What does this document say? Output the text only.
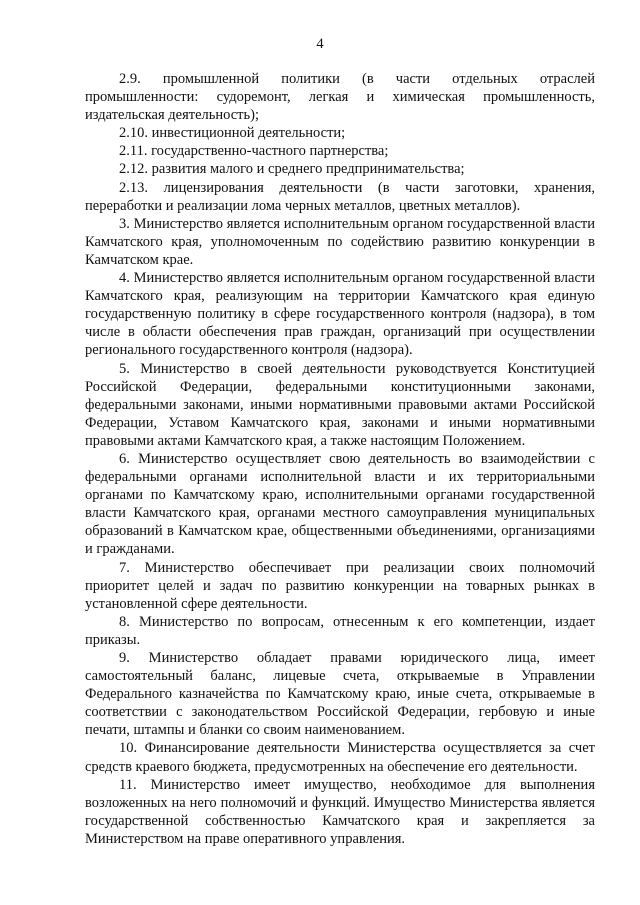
4

2.9. промышленной политики (в части отдельных отраслей промышленности: судоремонт, легкая и химическая промышленность, издательская деятельность);

2.10. инвестиционной деятельности;

2.11. государственно-частного партнерства;

2.12. развития малого и среднего предпринимательства;

2.13. лицензирования деятельности (в части заготовки, хранения, переработки и реализации лома черных металлов, цветных металлов).

3. Министерство является исполнительным органом государственной власти Камчатского края, уполномоченным по содействию развитию конкуренции в Камчатском крае.

4. Министерство является исполнительным органом государственной власти Камчатского края, реализующим на территории Камчатского края единую государственную политику в сфере государственного контроля (надзора), в том числе в области обеспечения прав граждан, организаций при осуществлении регионального государственного контроля (надзора).

5. Министерство в своей деятельности руководствуется Конституцией Российской Федерации, федеральными конституционными законами, федеральными законами, иными нормативными правовыми актами Российской Федерации, Уставом Камчатского края, законами и иными нормативными правовыми актами Камчатского края, а также настоящим Положением.

6. Министерство осуществляет свою деятельность во взаимодействии с федеральными органами исполнительной власти и их территориальными органами по Камчатскому краю, исполнительными органами государственной власти Камчатского края, органами местного самоуправления муниципальных образований в Камчатском крае, общественными объединениями, организациями и гражданами.

7. Министерство обеспечивает при реализации своих полномочий приоритет целей и задач по развитию конкуренции на товарных рынках в установленной сфере деятельности.

8. Министерство по вопросам, отнесенным к его компетенции, издает приказы.

9. Министерство обладает правами юридического лица, имеет самостоятельный баланс, лицевые счета, открываемые в Управлении Федерального казначейства по Камчатскому краю, иные счета, открываемые в соответствии с законодательством Российской Федерации, гербовую и иные печати, штампы и бланки со своим наименованием.

10. Финансирование деятельности Министерства осуществляется за счет средств краевого бюджета, предусмотренных на обеспечение его деятельности.

11. Министерство имеет имущество, необходимое для выполнения возложенных на него полномочий и функций. Имущество Министерства является государственной собственностью Камчатского края и закрепляется за Министерством на праве оперативного управления.
